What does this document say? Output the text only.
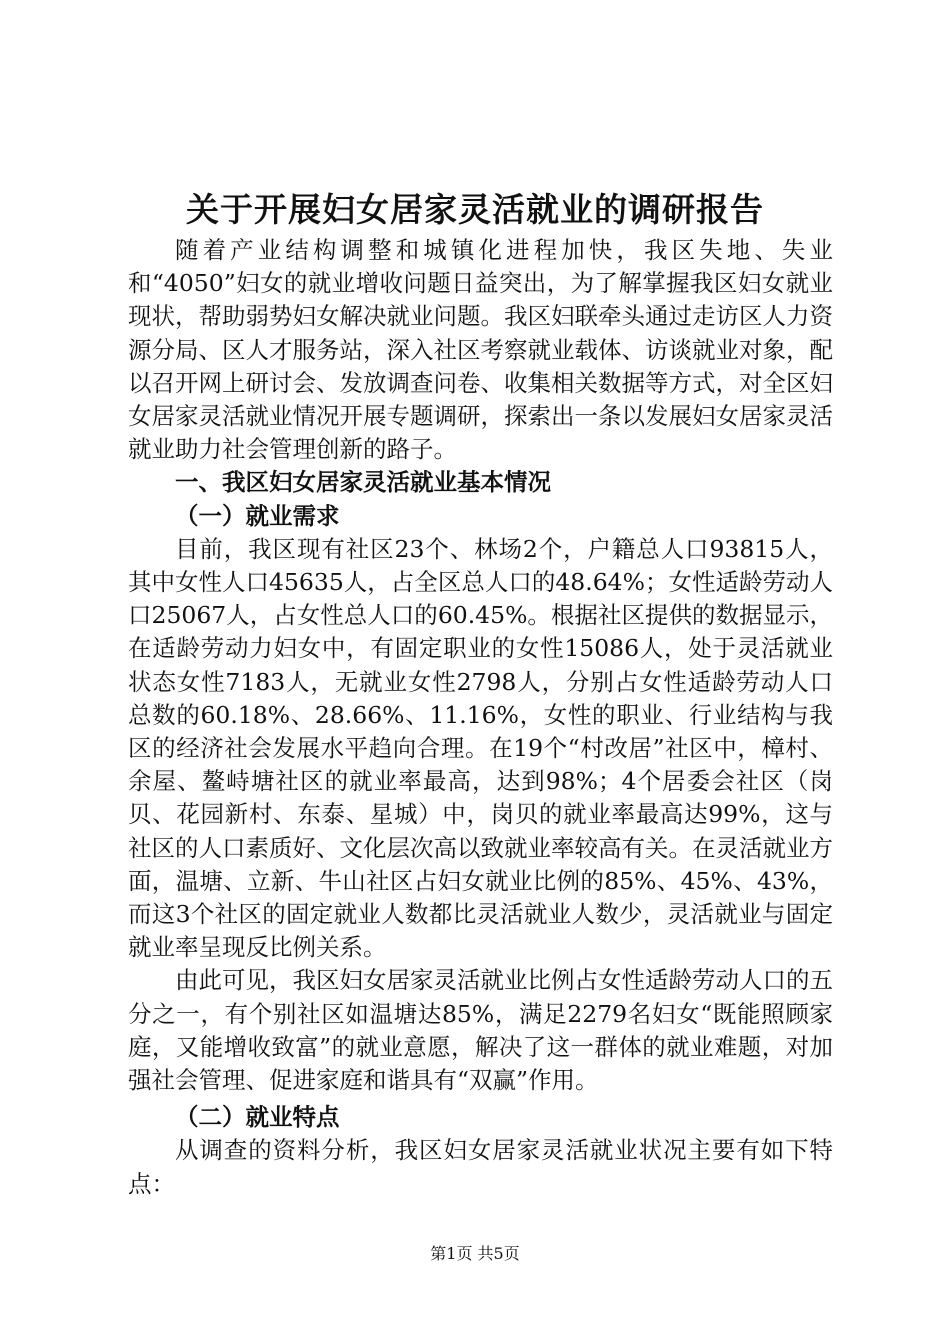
关于开展妇女居家灵活就业的调研报告

随着产业结构调整和城镇化进程加快，我区失地、失业和“4050”妇女的就业增收问题日益突出，为了解掌握我区妇女就业现状，帮助弱势妇女解决就业问题。我区妇联牵头通过走访区人力资源分局、区人才服务站，深入社区考察就业载体、访谈就业对象，配以召开网上研讨会、发放调查问卷、收集相关数据等方式，对全区妇女居家灵活就业情况开展专题调研，探索出一条以发展妇女居家灵活就业助力社会管理创新的路子。

一、我区妇女居家灵活就业基本情况
（一）就业需求

目前，我区现有社区23个、林场2个，户籍总人口93815人，其中女性人口45635人，占全区总人口的48.64%；女性适龄劳动人口25067人，占女性总人口的60.45%。根据社区提供的数据显示，在适龄劳动力妇女中，有固定职业的女性15086人，处于灵活就业状态女性7183人，无就业女性2798人，分别占女性适龄劳动人口总数的60.18%、28.66%、11.16%，女性的职业、行业结构与我区的经济社会发展水平趋向合理。在19个“村改居”社区中，樟村、余屋、鳌峙塘社区的就业率最高，达到98%；4个居委会社区（岗贝、花园新村、东泰、星城）中，岗贝的就业率最高达99%，这与社区的人口素质好、文化层次高以致就业率较高有关。在灵活就业方面，温塘、立新、牛山社区占妇女就业比例的85%、45%、43%，而这3个社区的固定就业人数都比灵活就业人数少，灵活就业与固定就业率呈现反比例关系。

由此可见，我区妇女居家灵活就业比例占女性适龄劳动人口的五分之一，有个别社区如温塘达85%，满足2279名妇女“既能照顾家庭，又能增收致富”的就业意愿，解决了这一群体的就业难题，对加强社会管理、促进家庭和谐具有“双赢”作用。

（二）就业特点

从调查的资料分析，我区妇女居家灵活就业状况主要有如下特点：

第1页 共5页
